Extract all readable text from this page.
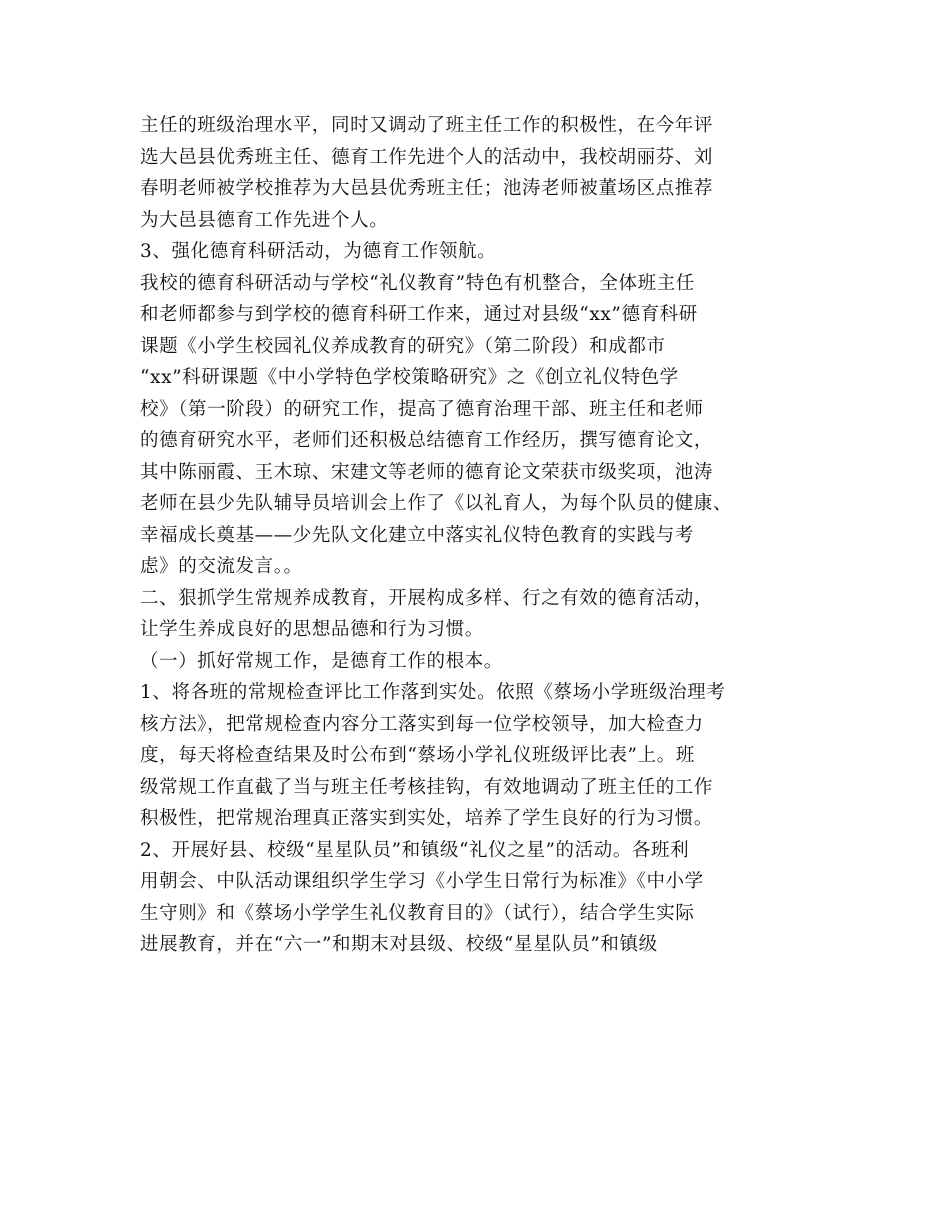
主任的班级治理水平，同时又调动了班主任工作的积极性，在今年评
选大邑县优秀班主任、德育工作先进个人的活动中，我校胡丽芬、刘
春明老师被学校推荐为大邑县优秀班主任；池涛老师被董场区点推荐
为大邑县德育工作先进个人。
3、强化德育科研活动，为德育工作领航。
我校的德育科研活动与学校“礼仪教育”特色有机整合，全体班主任
和老师都参与到学校的德育科研工作来，通过对县级“xx”德育科研
课题《小学生校园礼仪养成教育的研究》（第二阶段）和成都市
“xx”科研课题《中小学特色学校策略研究》之《创立礼仪特色学
校》（第一阶段）的研究工作，提高了德育治理干部、班主任和老师
的德育研究水平，老师们还积极总结德育工作经历，撰写德育论文，
其中陈丽霞、王木琼、宋建文等老师的德育论文荣获市级奖项，池涛
老师在县少先队辅导员培训会上作了《以礼育人，为每个队员的健康、
幸福成长奠基——少先队文化建立中落实礼仪特色教育的实践与考
虑》的交流发言。。
二、狠抓学生常规养成教育，开展构成多样、行之有效的德育活动，
让学生养成良好的思想品德和行为习惯。
（一）抓好常规工作，是德育工作的根本。
1、将各班的常规检查评比工作落到实处。依照《蔡场小学班级治理考
核方法》，把常规检查内容分工落实到每一位学校领导，加大检查力
度，每天将检查结果及时公布到“蔡场小学礼仪班级评比表”上。班
级常规工作直截了当与班主任考核挂钩，有效地调动了班主任的工作
积极性，把常规治理真正落实到实处，培养了学生良好的行为习惯。
2、开展好县、校级“星星队员”和镇级“礼仪之星”的活动。各班利
用朝会、中队活动课组织学生学习《小学生日常行为标准》《中小学
生守则》和《蔡场小学学生礼仪教育目的》（试行），结合学生实际
进展教育，并在“六一”和期末对县级、校级“星星队员”和镇级
